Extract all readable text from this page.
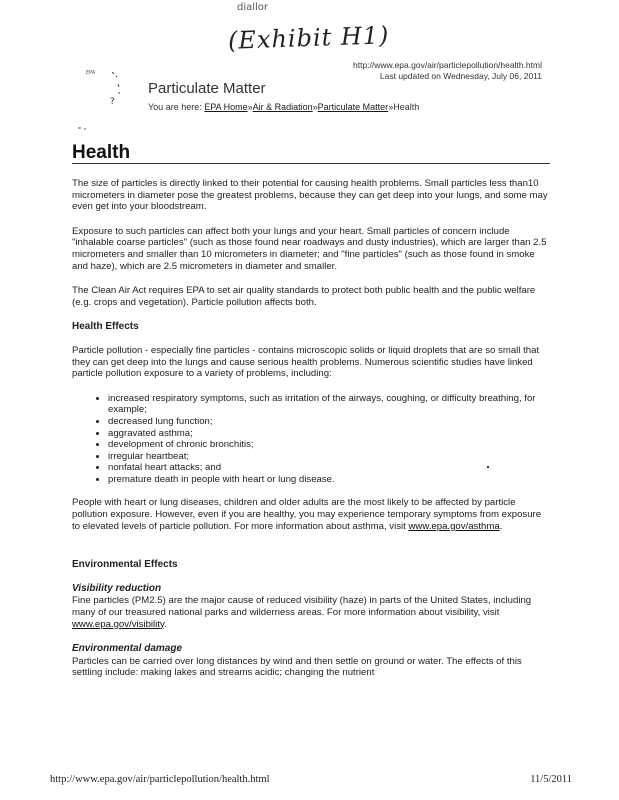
diallor
(Exhibit H1)
http://www.epa.gov/air/particlepollution/health.html
Last updated on Wednesday, July 06, 2011
EPA
?
Particulate Matter
You are here: EPA Home»Air & Radiation»Particulate Matter»Health
Health

The size of particles is directly linked to their potential for causing health problems. Small particles less than10 micrometers in diameter pose the greatest problems, because they can get deep into your lungs, and some may even get into your bloodstream.

Exposure to such particles can affect both your lungs and your heart. Small particles of concern include "inhalable coarse particles" (such as those found near roadways and dusty industries), which are larger than 2.5 micrometers and smaller than 10 micrometers in diameter; and "fine particles" (such as those found in smoke and haze), which are 2.5 micrometers in diameter and smaller.

The Clean Air Act requires EPA to set air quality standards to protect both public health and the public welfare (e.g. crops and vegetation). Particle pollution affects both.

Health Effects

Particle pollution - especially fine particles - contains microscopic solids or liquid droplets that are so small that they can get deep into the lungs and cause serious health problems. Numerous scientific studies have linked particle pollution exposure to a variety of problems, including:

• increased respiratory symptoms, such as irritation of the airways, coughing, or difficulty breathing, for example;
• decreased lung function;
• aggravated asthma;
• development of chronic bronchitis;
• irregular heartbeat;
• nonfatal heart attacks; and
• premature death in people with heart or lung disease.

People with heart or lung diseases, children and older adults are the most likely to be affected by particle pollution exposure. However, even if you are healthy, you may experience temporary symptoms from exposure to elevated levels of particle pollution. For more information about asthma, visit www.epa.gov/asthma.

Environmental Effects
Visibility reduction

Fine particles (PM2.5) are the major cause of reduced visibility (haze) in parts of the United States, including many of our treasured national parks and wilderness areas. For more information about visibility, visit www.epa.gov/visibility.

Environmental damage

Particles can be carried over long distances by wind and then settle on ground or water. The effects of this settling include: making lakes and streams acidic; changing the nutrient

http://www.epa.gov/air/particlepollution/health.html	11/5/2011
